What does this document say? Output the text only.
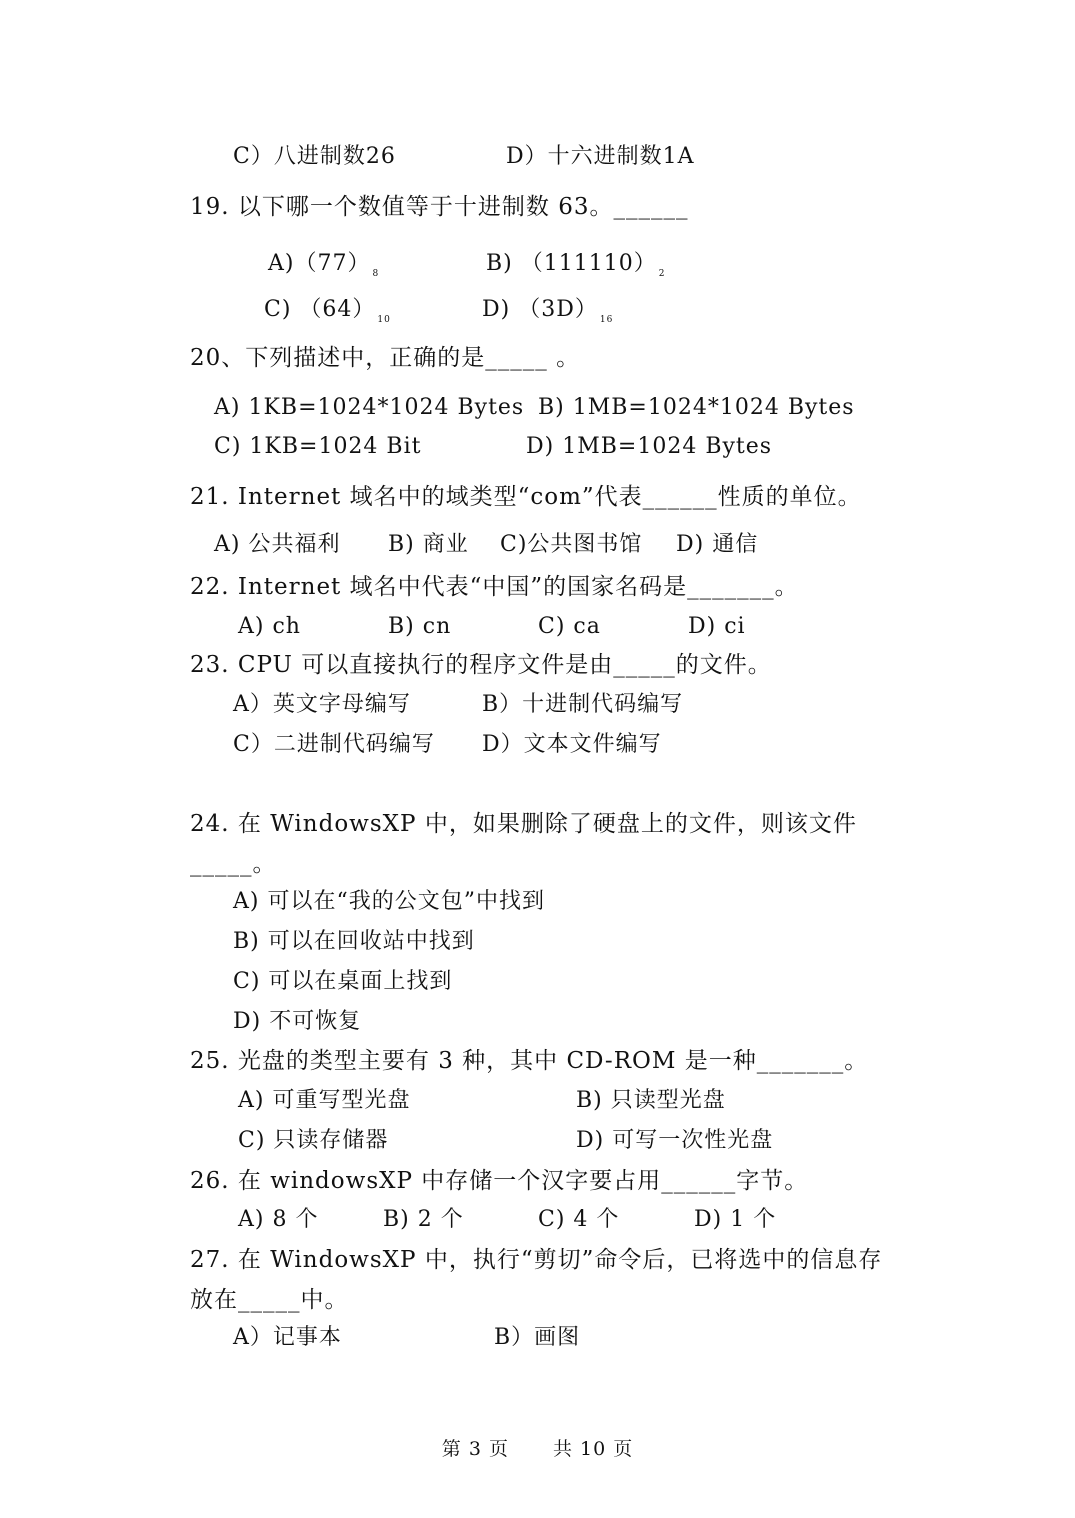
C）八进制数26	D）十六进制数1A
19. 以下哪一个数值等于十进制数 63。______
A)（77） $_8$	B) （111110） $_2$
C) （64） $_{10}$	D) （3D） $_{16}$
20、下列描述中，正确的是_____ 。
A) 1KB=1024*1024 Bytes B) 1MB=1024*1024 Bytes
C) 1KB=1024 Bit	D) 1MB=1024 Bytes
21. Internet 域名中的域类型“com”代表______性质的单位。
A) 公共福利 B) 商业 C)公共图书馆 D) 通信
22. Internet 域名中代表“中国”的国家名码是_______。
A) ch	B) cn	C) ca	D) ci
23. CPU 可以直接执行的程序文件是由_____的文件。
A）英文字母编写	B）十进制代码编写
C）二进制代码编写 D）文本文件编写
24. 在 WindowsXP 中，如果删除了硬盘上的文件，则该文件
_____。
A) 可以在“我的公文包”中找到
B) 可以在回收站中找到
C) 可以在桌面上找到
D) 不可恢复
25. 光盘的类型主要有 3 种，其中 CD-ROM 是一种_______。
A) 可重写型光盘	B) 只读型光盘
C) 只读存储器	D) 可写一次性光盘
26. 在 windowsXP 中存储一个汉字要占用______字节。
A) 8 个	B) 2 个	C) 4 个	D) 1 个
27. 在 WindowsXP 中，执行“剪切”命令后，已将选中的信息存
放在_____中。
A）记事本	B）画图
第 3 页 共 10 页
